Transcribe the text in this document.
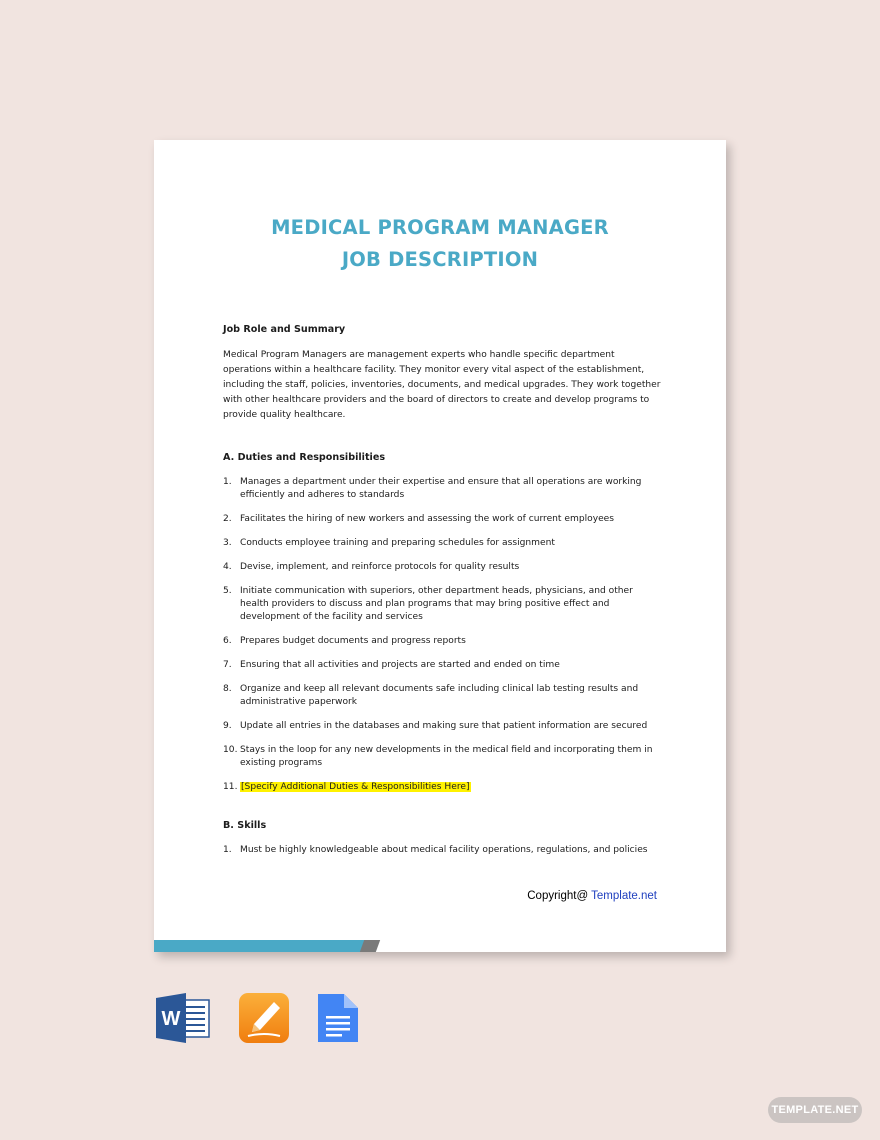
MEDICAL PROGRAM MANAGER
JOB DESCRIPTION

Job Role and Summary

Medical Program Managers are management experts who handle specific department operations within a healthcare facility. They monitor every vital aspect of the establishment, including the staff, policies, inventories, documents, and medical upgrades. They work together with other healthcare providers and the board of directors to create and develop programs to provide quality healthcare.

A. Duties and Responsibilities

1. Manages a department under their expertise and ensure that all operations are working efficiently and adheres to standards
2. Facilitates the hiring of new workers and assessing the work of current employees
3. Conducts employee training and preparing schedules for assignment
4. Devise, implement, and reinforce protocols for quality results
5. Initiate communication with superiors, other department heads, physicians, and other health providers to discuss and plan programs that may bring positive effect and development of the facility and services
6. Prepares budget documents and progress reports
7. Ensuring that all activities and projects are started and ended on time
8. Organize and keep all relevant documents safe including clinical lab testing results and administrative paperwork
9. Update all entries in the databases and making sure that patient information are secured
10. Stays in the loop for any new developments in the medical field and incorporating them in existing programs
11. [Specify Additional Duties & Responsibilities Here]

B. Skills

1. Must be highly knowledgeable about medical facility operations, regulations, and policies
Copyright@ Template.net
W
TEMPLATE.NET
